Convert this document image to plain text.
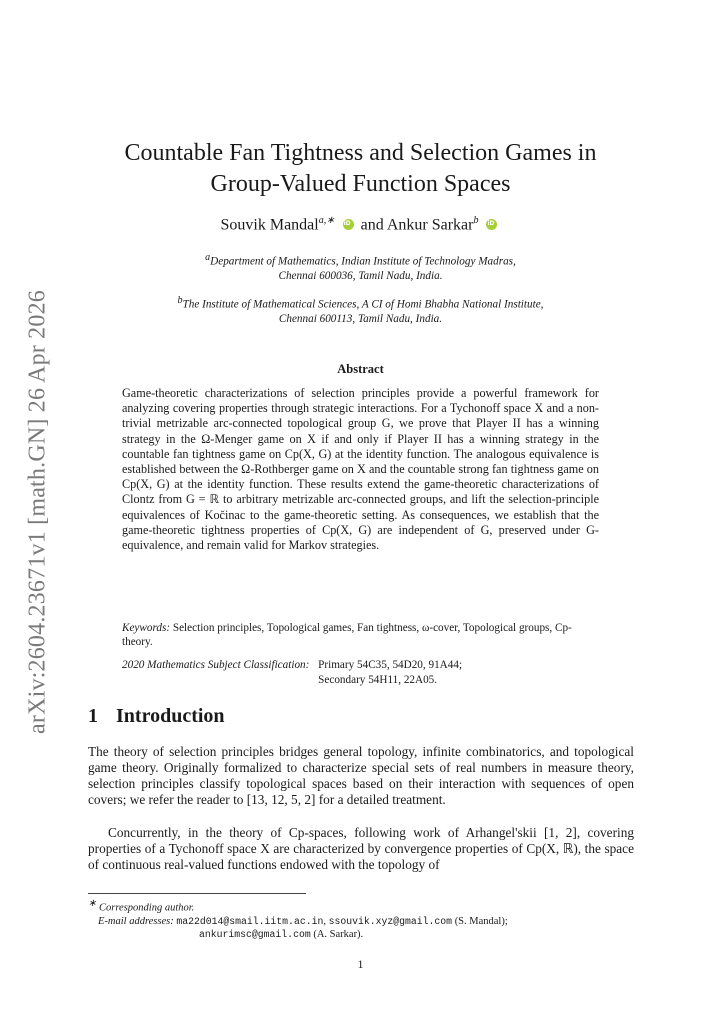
arXiv:2604.23671v1 [math.GN] 26 Apr 2026
Countable Fan Tightness and Selection Games in
Group-Valued Function Spaces
Souvik Mandal$^{a,∗}$ iD and Ankur Sarkar$^b$ iD
$^a$Department of Mathematics, Indian Institute of Technology Madras,
Chennai 600036, Tamil Nadu, India.
$^b$The Institute of Mathematical Sciences, A CI of Homi Bhabha National Institute,
Chennai 600113, Tamil Nadu, India.
Abstract
Game-theoretic characterizations of selection principles provide a powerful framework for analyzing covering properties through strategic interactions. For a Tychonoff space X and a non-trivial metrizable arc-connected topological group G, we prove that Player II has a winning strategy in the Ω-Menger game on X if and only if Player II has a winning strategy in the countable fan tightness game on Cp(X, G) at the identity function. The analogous equivalence is established between the Ω-Rothberger game on X and the countable strong fan tightness game on Cp(X, G) at the identity function. These results extend the game-theoretic characterizations of Clontz from G = ℝ to arbitrary metrizable arc-connected groups, and lift the selection-principle equivalences of Kočinac to the game-theoretic setting. As consequences, we establish that the game-theoretic tightness properties of Cp(X, G) are independent of G, preserved under G-equivalence, and remain valid for Markov strategies.
Keywords: Selection principles, Topological games, Fan tightness, ω-cover, Topological groups, Cp-theory.
2020 Mathematics Subject Classification: Primary 54C35, 54D20, 91A44;
Secondary 54H11, 22A05.
1 Introduction
The theory of selection principles bridges general topology, infinite combinatorics, and topological game theory. Originally formalized to characterize special sets of real numbers in measure theory, selection principles classify topological spaces based on their interaction with sequences of open covers; we refer the reader to [13, 12, 5, 2] for a detailed treatment.
Concurrently, in the theory of Cp-spaces, following work of Arhangel'skii [1, 2], covering properties of a Tychonoff space X are characterized by convergence properties of Cp(X, ℝ), the space of continuous real-valued functions endowed with the topology of
∗ Corresponding author.
E-mail addresses: ma22d014@smail.iitm.ac.in, ssouvik.xyz@gmail.com (S. Mandal);
ankurimsc@gmail.com (A. Sarkar).
1
